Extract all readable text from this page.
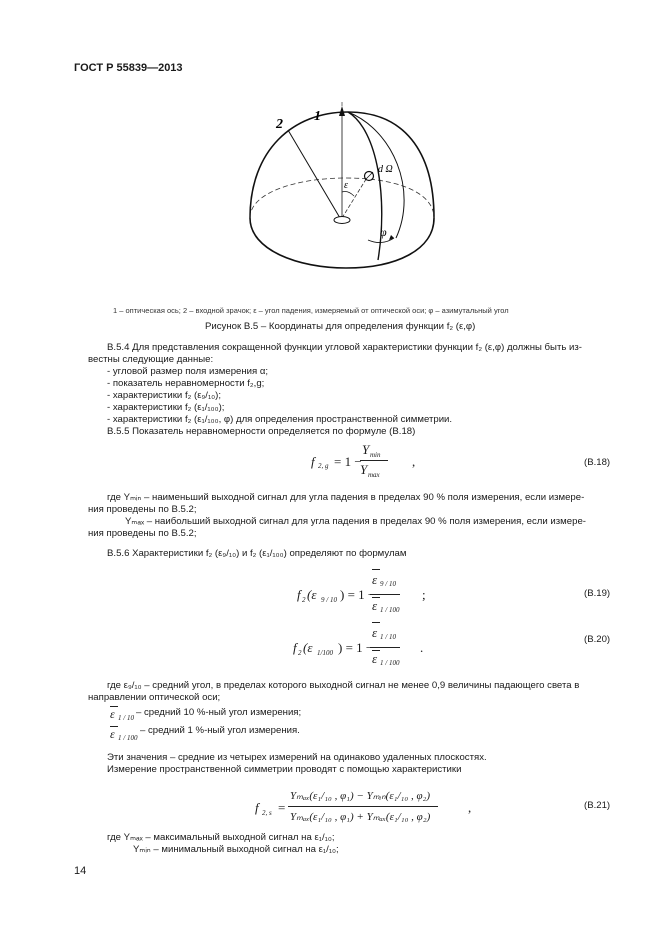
ГОСТ Р 55839—2013
1
2
ε
d Ω
φ
1 – оптическая ось; 2 – входной зрачок; ε – угол падения, измеряемый от оптической оси; φ – азимутальный угол
Рисунок В.5 – Координаты для определения функции f₂ (ε,φ)
В.5.4 Для представления сокращенной функции угловой характеристики функции f₂ (ε,φ) должны быть из-
вестны следующие данные:
- угловой размер поля измерения α;
- показатель неравномерности f₂,g;
- характеристики f₂ (ε₉/₁₀);
- характеристики f₂ (ε₁/₁₀₀);
- характеристики f₂ (ε₁/₁₀₀, φ) для определения пространственной симметрии.
В.5.5 Показатель неравномерности определяется по формуле (В.18)
f 2, g = 1 −
Y min
Y max
,	(В.18)
где Yₘᵢₙ – наименьший выходной сигнал для угла падения в пределах 90 % поля измерения, если измере-
ния проведены по В.5.2;
Yₘₐₓ – наибольший выходной сигнал для угла падения в пределах 90 % поля измерения, если измере-
ния проведены по В.5.2;
В.5.6 Характеристики f₂ (ε₉/₁₀) и f₂ (ε₁/₁₀₀) определяют по формулам
f 2 (ε 9 / 10 ) = 1 −
ε 9 / 10
ε 1 / 100
;	(В.19)
f 2 (ε 1/100 ) = 1 −
ε 1 / 10
ε 1 / 100
.
(В.20)
где ε₉/₁₀ – средний угол, в пределах которого выходной сигнал не менее 0,9 величины падающего света в
направлении оптической оси;
ε 1 / 10 – средний 10 %-ный угол измерения;
ε 1 / 100
– средний 1 %-ный угол измерения.
Эти значения – средние из четырех измерений на одинаково удаленных плоскостях.
Измерение пространственной симметрии проводят с помощью характеристики
f 2, s =
Yₘₐₓ(ε₁/₁₀ , φ₁) − Yₘᵢₙ(ε₁/₁₀ , φ₂)
Yₘₐₓ(ε₁/₁₀ , φ₁) + Yₘₐₓ(ε₁/₁₀ , φ₂)
,	(В.21)
где Yₘₐₓ – максимальный выходной сигнал на ε₁/₁₀;
Yₘᵢₙ – минимальный выходной сигнал на ε₁/₁₀;
14
